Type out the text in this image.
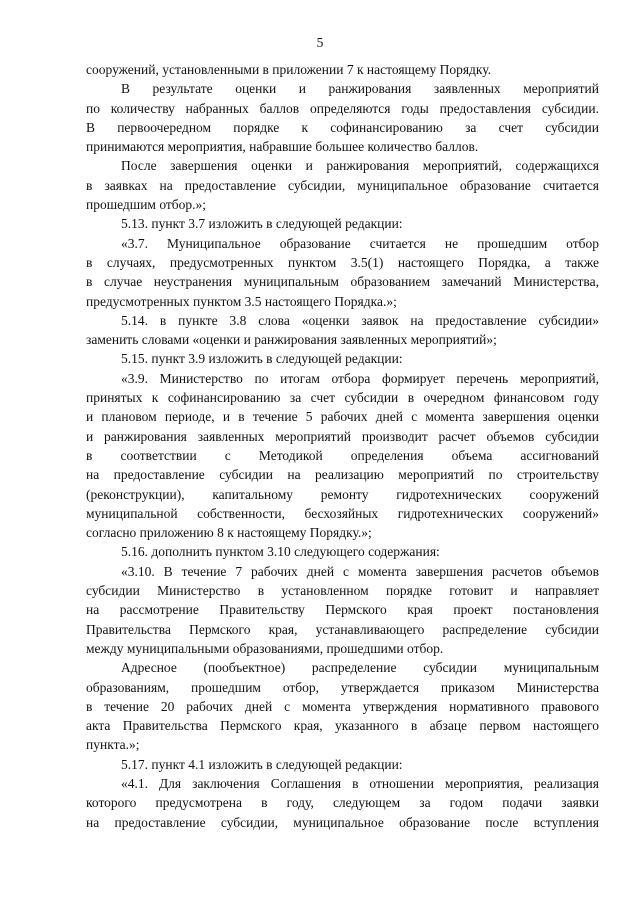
5
сооружений, установленными в приложении 7 к настоящему Порядку.
В результате оценки и ранжирования заявленных мероприятий
по количеству набранных баллов определяются годы предоставления субсидии.
В первоочередном порядке к софинансированию за счет субсидии
принимаются мероприятия, набравшие большее количество баллов.
После завершения оценки и ранжирования мероприятий, содержащихся
в заявках на предоставление субсидии, муниципальное образование считается
прошедшим отбор.»;
5.13. пункт 3.7 изложить в следующей редакции:
«3.7. Муниципальное образование считается не прошедшим отбор
в случаях, предусмотренных пунктом 3.5(1) настоящего Порядка, а также
в случае неустранения муниципальным образованием замечаний Министерства,
предусмотренных пунктом 3.5 настоящего Порядка.»;
5.14. в пункте 3.8 слова «оценки заявок на предоставление субсидии»
заменить словами «оценки и ранжирования заявленных мероприятий»;
5.15. пункт 3.9 изложить в следующей редакции:
«3.9. Министерство по итогам отбора формирует перечень мероприятий,
принятых к софинансированию за счет субсидии в очередном финансовом году
и плановом периоде, и в течение 5 рабочих дней с момента завершения оценки
и ранжирования заявленных мероприятий производит расчет объемов субсидии
в соответствии с Методикой определения объема ассигнований
на предоставление субсидии на реализацию мероприятий по строительству
(реконструкции), капитальному ремонту гидротехнических сооружений
муниципальной собственности, бесхозяйных гидротехнических сооружений»
согласно приложению 8 к настоящему Порядку.»;
5.16. дополнить пунктом 3.10 следующего содержания:
«3.10. В течение 7 рабочих дней с момента завершения расчетов объемов
субсидии Министерство в установленном порядке готовит и направляет
на рассмотрение Правительству Пермского края проект постановления
Правительства Пермского края, устанавливающего распределение субсидии
между муниципальными образованиями, прошедшими отбор.
Адресное (пообъектное) распределение субсидии муниципальным
образованиям, прошедшим отбор, утверждается приказом Министерства
в течение 20 рабочих дней с момента утверждения нормативного правового
акта Правительства Пермского края, указанного в абзаце первом настоящего
пункта.»;
5.17. пункт 4.1 изложить в следующей редакции:
«4.1. Для заключения Соглашения в отношении мероприятия, реализация
которого предусмотрена в году, следующем за годом подачи заявки
на предоставление субсидии, муниципальное образование после вступления
